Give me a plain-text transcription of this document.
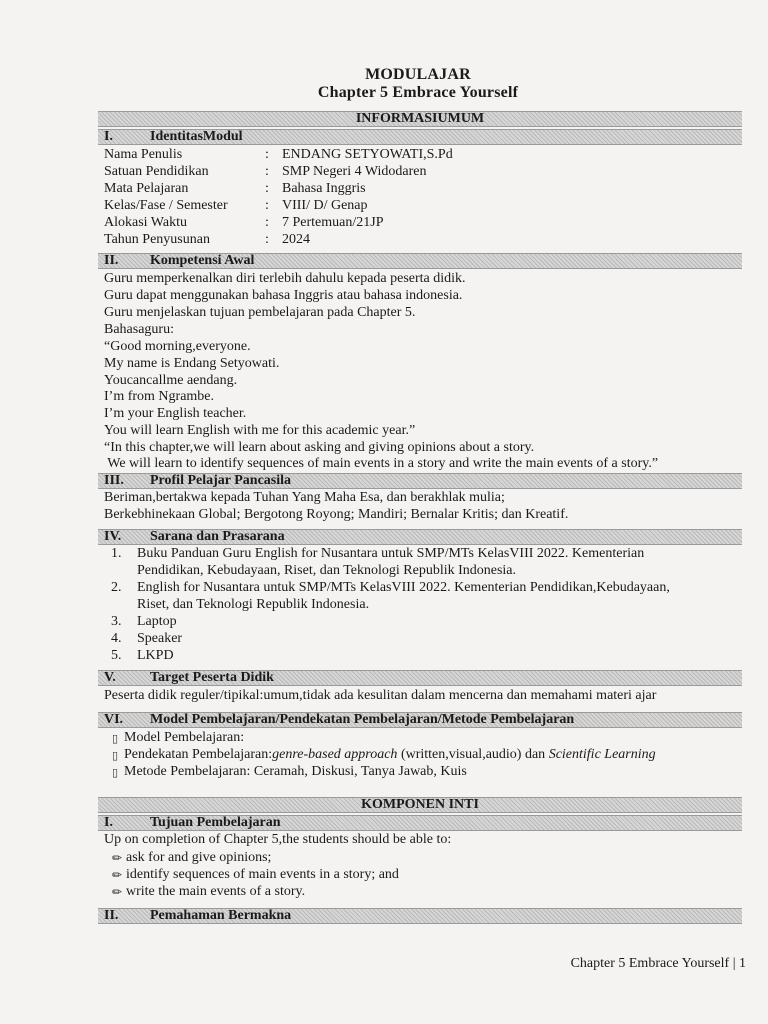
MODULAJAR
Chapter 5 Embrace Yourself
INFORMASIUMUM
I.	IdentitasModul
Nama Penulis	: ENDANG SETYOWATI,S.Pd
Satuan Pendidikan	: SMP Negeri 4 Widodaren
Mata Pelajaran	: Bahasa Inggris
Kelas/Fase / Semester	: VIII/ D/ Genap
Alokasi Waktu	: 7 Pertemuan/21JP
Tahun Penyusunan	: 2024
II. Kompetensi Awal
Guru memperkenalkan diri terlebih dahulu kepada peserta didik.
Guru dapat menggunakan bahasa Inggris atau bahasa indonesia.
Guru menjelaskan tujuan pembelajaran pada Chapter 5.
Bahasaguru:
“Good morning,everyone.
My name is Endang Setyowati.
Youcancallme aendang.
I’m from Ngrambe.
I’m your English teacher.
You will learn English with me for this academic year.”
“In this chapter,we will learn about asking and giving opinions about a story.
We will learn to identify sequences of main events in a story and write the main events of a story.”
III. Profil Pelajar Pancasila
Beriman,bertakwa kepada Tuhan Yang Maha Esa, dan berakhlak mulia;
Berkebhinekaan Global; Bergotong Royong; Mandiri; Bernalar Kritis; dan Kreatif.
IV. Sarana dan Prasarana
1. Buku Panduan Guru English for Nusantara untuk SMP/MTs KelasVIII 2022. Kementerian
Pendidikan, Kebudayaan, Riset, dan Teknologi Republik Indonesia.
2. English for Nusantara untuk SMP/MTs KelasVIII 2022. Kementerian Pendidikan,Kebudayaan,
Riset, dan Teknologi Republik Indonesia.
3. Laptop
4. Speaker
5. LKPD
V. Target Peserta Didik
Peserta didik reguler/tipikal:umum,tidak ada kesulitan dalam mencerna dan memahami materi ajar
VI. Model Pembelajaran/Pendekatan Pembelajaran/Metode Pembelajaran
▯ Model Pembelajaran:
▯ Pendekatan Pembelajaran:genre-based approach (written,visual,audio) dan Scientific Learning
▯ Metode Pembelajaran: Ceramah, Diskusi, Tanya Jawab, Kuis
KOMPONEN INTI
I.	Tujuan Pembelajaran
Up on completion of Chapter 5,the students should be able to:
✏ ask for and give opinions;
✏ identify sequences of main events in a story; and
✏ write the main events of a story.
II. Pemahaman Bermakna
Chapter 5 Embrace Yourself | 1
